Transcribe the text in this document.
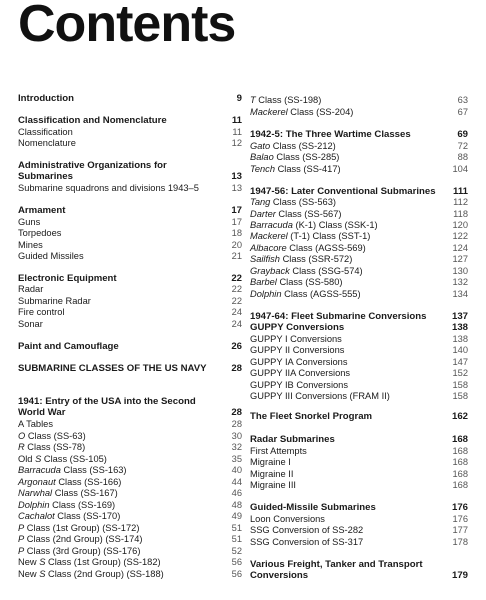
Contents
Introduction	9
Classification and Nomenclature	11
Classification	11
Nomenclature	12
Administrative Organizations for Submarines	13
Submarine squadrons and divisions 1943–5	13
Armament	17
Guns	17
Torpedoes	18
Mines	20
Guided Missiles	21
Electronic Equipment	22
Radar	22
Submarine Radar	22
Fire control	24
Sonar	24
Paint and Camouflage	26
SUBMARINE CLASSES OF THE US NAVY	28
1941: Entry of the USA into the Second World War	28
A Tables	28
O Class (SS-63)	30
R Class (SS-78)	32
Old S Class (SS-105)	35
Barracuda Class (SS-163)	40
Argonaut Class (SS-166)	44
Narwhal Class (SS-167)	46
Dolphin Class (SS-169)	48
Cachalot Class (SS-170)	49
P Class (1st Group) (SS-172)	51
P Class (2nd Group) (SS-174)	51
P Class (3rd Group) (SS-176)	52
New S Class (1st Group) (SS-182)	56
New S Class (2nd Group) (SS-188)	56
T Class (SS-198)	63
Mackerel Class (SS-204)	67
1942-5: The Three Wartime Classes	69
Gato Class (SS-212)	72
Balao Class (SS-285)	88
Tench Class (SS-417)	104
1947-56: Later Conventional Submarines 111
Tang Class (SS-563)	112
Darter Class (SS-567)	118
Barracuda (K-1) Class (SSK-1)	120
Mackerel (T-1) Class (SST-1)	122
Albacore Class (AGSS-569)	124
Sailfish Class (SSR-572)	127
Grayback Class (SSG-574)	130
Barbel Class (SS-580)	132
Dolphin Class (AGSS-555)	134
1947-64: Fleet Submarine Conversions	137
GUPPY Conversions	138
GUPPY I Conversions	138
GUPPY II Conversions	140
GUPPY IA Conversions	147
GUPPY IIA Conversions	152
GUPPY IB Conversions	158
GUPPY III Conversions (FRAM II)	158
The Fleet Snorkel Program	162
Radar Submarines	168
First Attempts	168
Migraine I	168
Migraine II	168
Migraine III	168
Guided-Missile Submarines	176
Loon Conversions	176
SSG Conversion of SS-282	177
SSG Conversion of SS-317	178
Various Freight, Tanker and Transport Conversions	179
